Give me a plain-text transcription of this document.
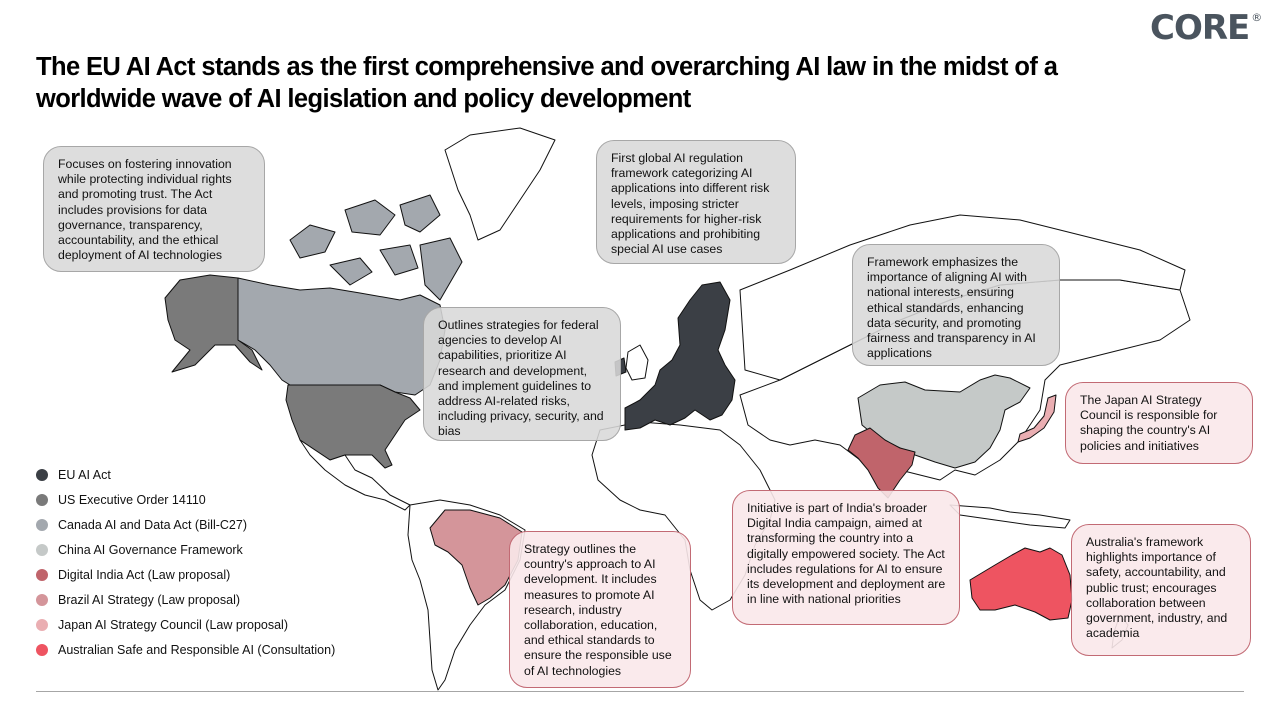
CORE ®
The EU AI Act stands as the first comprehensive and overarching AI law in the midst of a worldwide wave of AI legislation and policy development
Focuses on fostering innovation while protecting individual rights and promoting trust. The Act includes provisions for data governance, transparency, accountability, and the ethical deployment of AI technologies
First global AI regulation framework categorizing AI applications into different risk levels, imposing stricter requirements for higher-risk applications and prohibiting special AI use cases
Outlines strategies for federal agencies to develop AI capabilities, prioritize AI research and development, and implement guidelines to address AI-related risks, including privacy, security, and bias
Framework emphasizes the importance of aligning AI with national interests, ensuring ethical standards, enhancing data security, and promoting fairness and transparency in AI applications
The Japan AI Strategy Council is responsible for shaping the country's AI policies and initiatives
Initiative is part of India's broader Digital India campaign, aimed at transforming the country into a digitally empowered society. The Act includes regulations for AI to ensure its development and deployment are in line with national priorities
Strategy outlines the country's approach to AI development. It includes measures to promote AI research, industry collaboration, education, and ethical standards to ensure the responsible use of AI technologies
Australia's framework highlights importance of safety, accountability, and public trust; encourages collaboration between government, industry, and academia
EU AI Act
US Executive Order 14110
Canada AI and Data Act (Bill-C27)
China AI Governance Framework
Digital India Act (Law proposal)
Brazil AI Strategy (Law proposal)
Japan AI Strategy Council (Law proposal)
Australian Safe and Responsible AI (Consultation)
